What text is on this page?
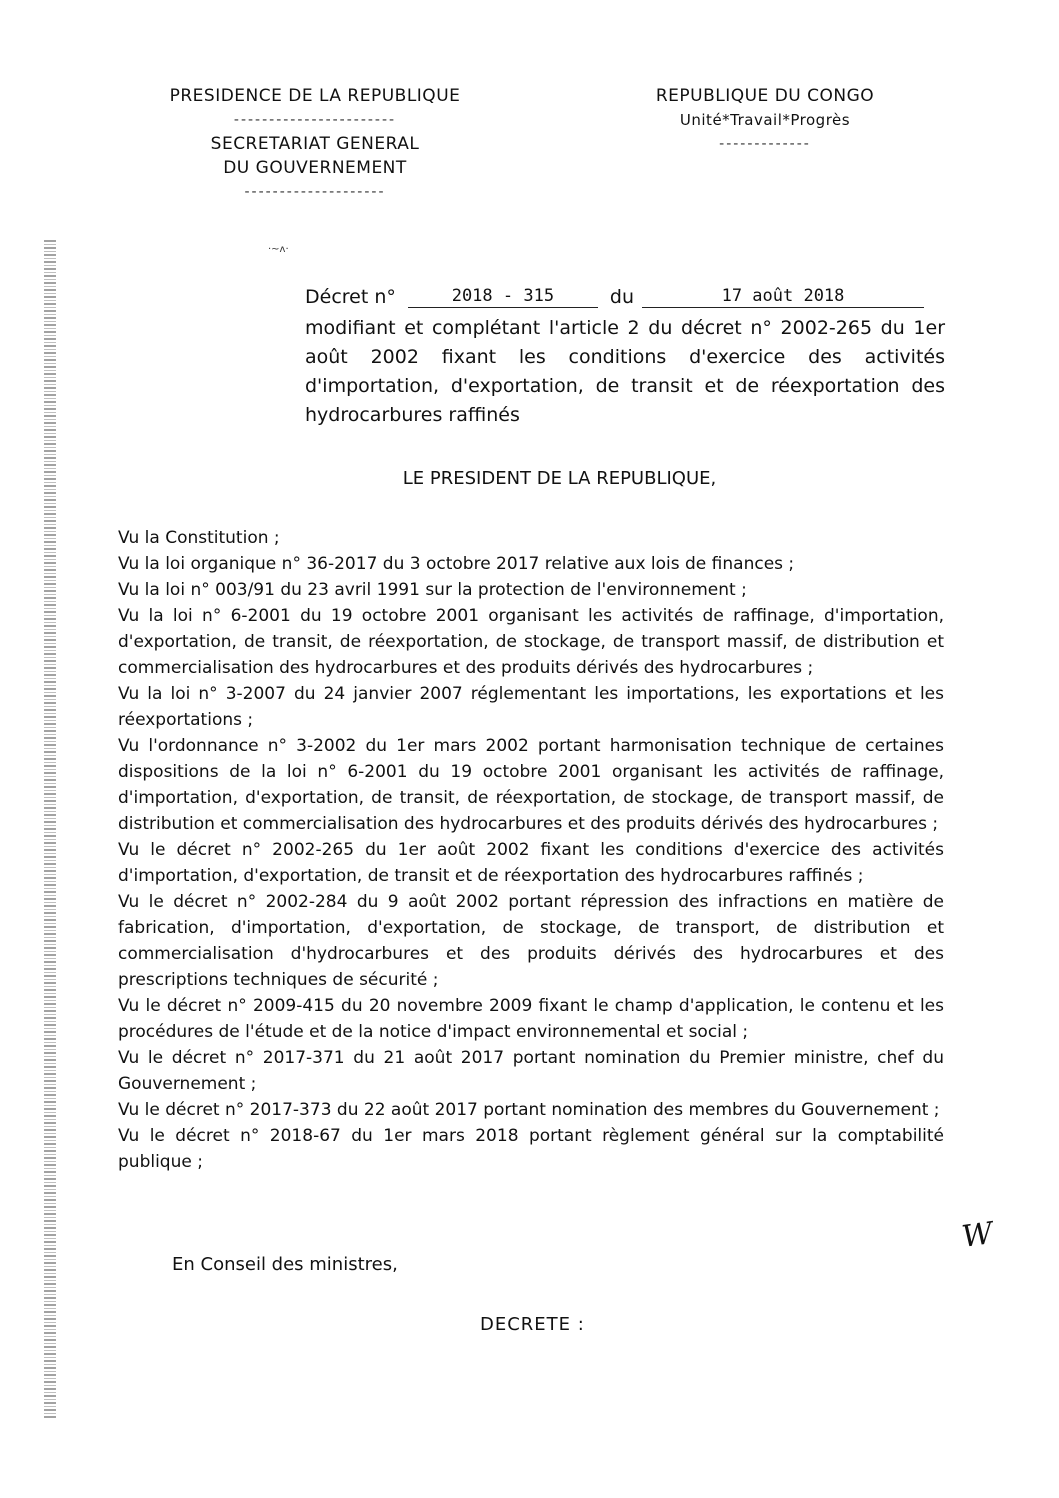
PRESIDENCE DE LA REPUBLIQUE

-----------------------

SECRETARIAT GENERAL

DU GOUVERNEMENT

--------------------

REPUBLIQUE DU CONGO

Unité*Travail*Progrès

-------------

·~ʌ·
Décret n°	2018 - 315	du	17 août 2018

modifiant et complétant l'article 2 du décret n° 2002-265 du 1er août 2002 fixant les conditions d'exercice des activités d'importation, d'exportation, de transit et de réexportation des hydrocarbures raffinés

LE PRESIDENT DE LA REPUBLIQUE,

Vu la Constitution ;

Vu la loi organique n° 36-2017 du 3 octobre 2017 relative aux lois de finances ;

Vu la loi n° 003/91 du 23 avril 1991 sur la protection de l'environnement ;

Vu la loi n° 6-2001 du 19 octobre 2001 organisant les activités de raffinage, d'importation, d'exportation, de transit, de réexportation, de stockage, de transport massif, de distribution et commercialisation des hydrocarbures et des produits dérivés des hydrocarbures ;

Vu la loi n° 3-2007 du 24 janvier 2007 réglementant les importations, les exportations et les réexportations ;

Vu l'ordonnance n° 3-2002 du 1er mars 2002 portant harmonisation technique de certaines dispositions de la loi n° 6-2001 du 19 octobre 2001 organisant les activités de raffinage, d'importation, d'exportation, de transit, de réexportation, de stockage, de transport massif, de distribution et commercialisation des hydrocarbures et des produits dérivés des hydrocarbures ;

Vu le décret n° 2002-265 du 1er août 2002 fixant les conditions d'exercice des activités d'importation, d'exportation, de transit et de réexportation des hydrocarbures raffinés ;

Vu le décret n° 2002-284 du 9 août 2002 portant répression des infractions en matière de fabrication, d'importation, d'exportation, de stockage, de transport, de distribution et commercialisation d'hydrocarbures et des produits dérivés des hydrocarbures et des prescriptions techniques de sécurité ;

Vu le décret n° 2009-415 du 20 novembre 2009 fixant le champ d'application, le contenu et les procédures de l'étude et de la notice d'impact environnemental et social ;

Vu le décret n° 2017-371 du 21 août 2017 portant nomination du Premier ministre, chef du Gouvernement ;

Vu le décret n° 2017-373 du 22 août 2017 portant nomination des membres du Gouvernement ;

Vu le décret n° 2018-67 du 1er mars 2018 portant règlement général sur la comptabilité publique ;

W
En Conseil des ministres,
DECRETE :
